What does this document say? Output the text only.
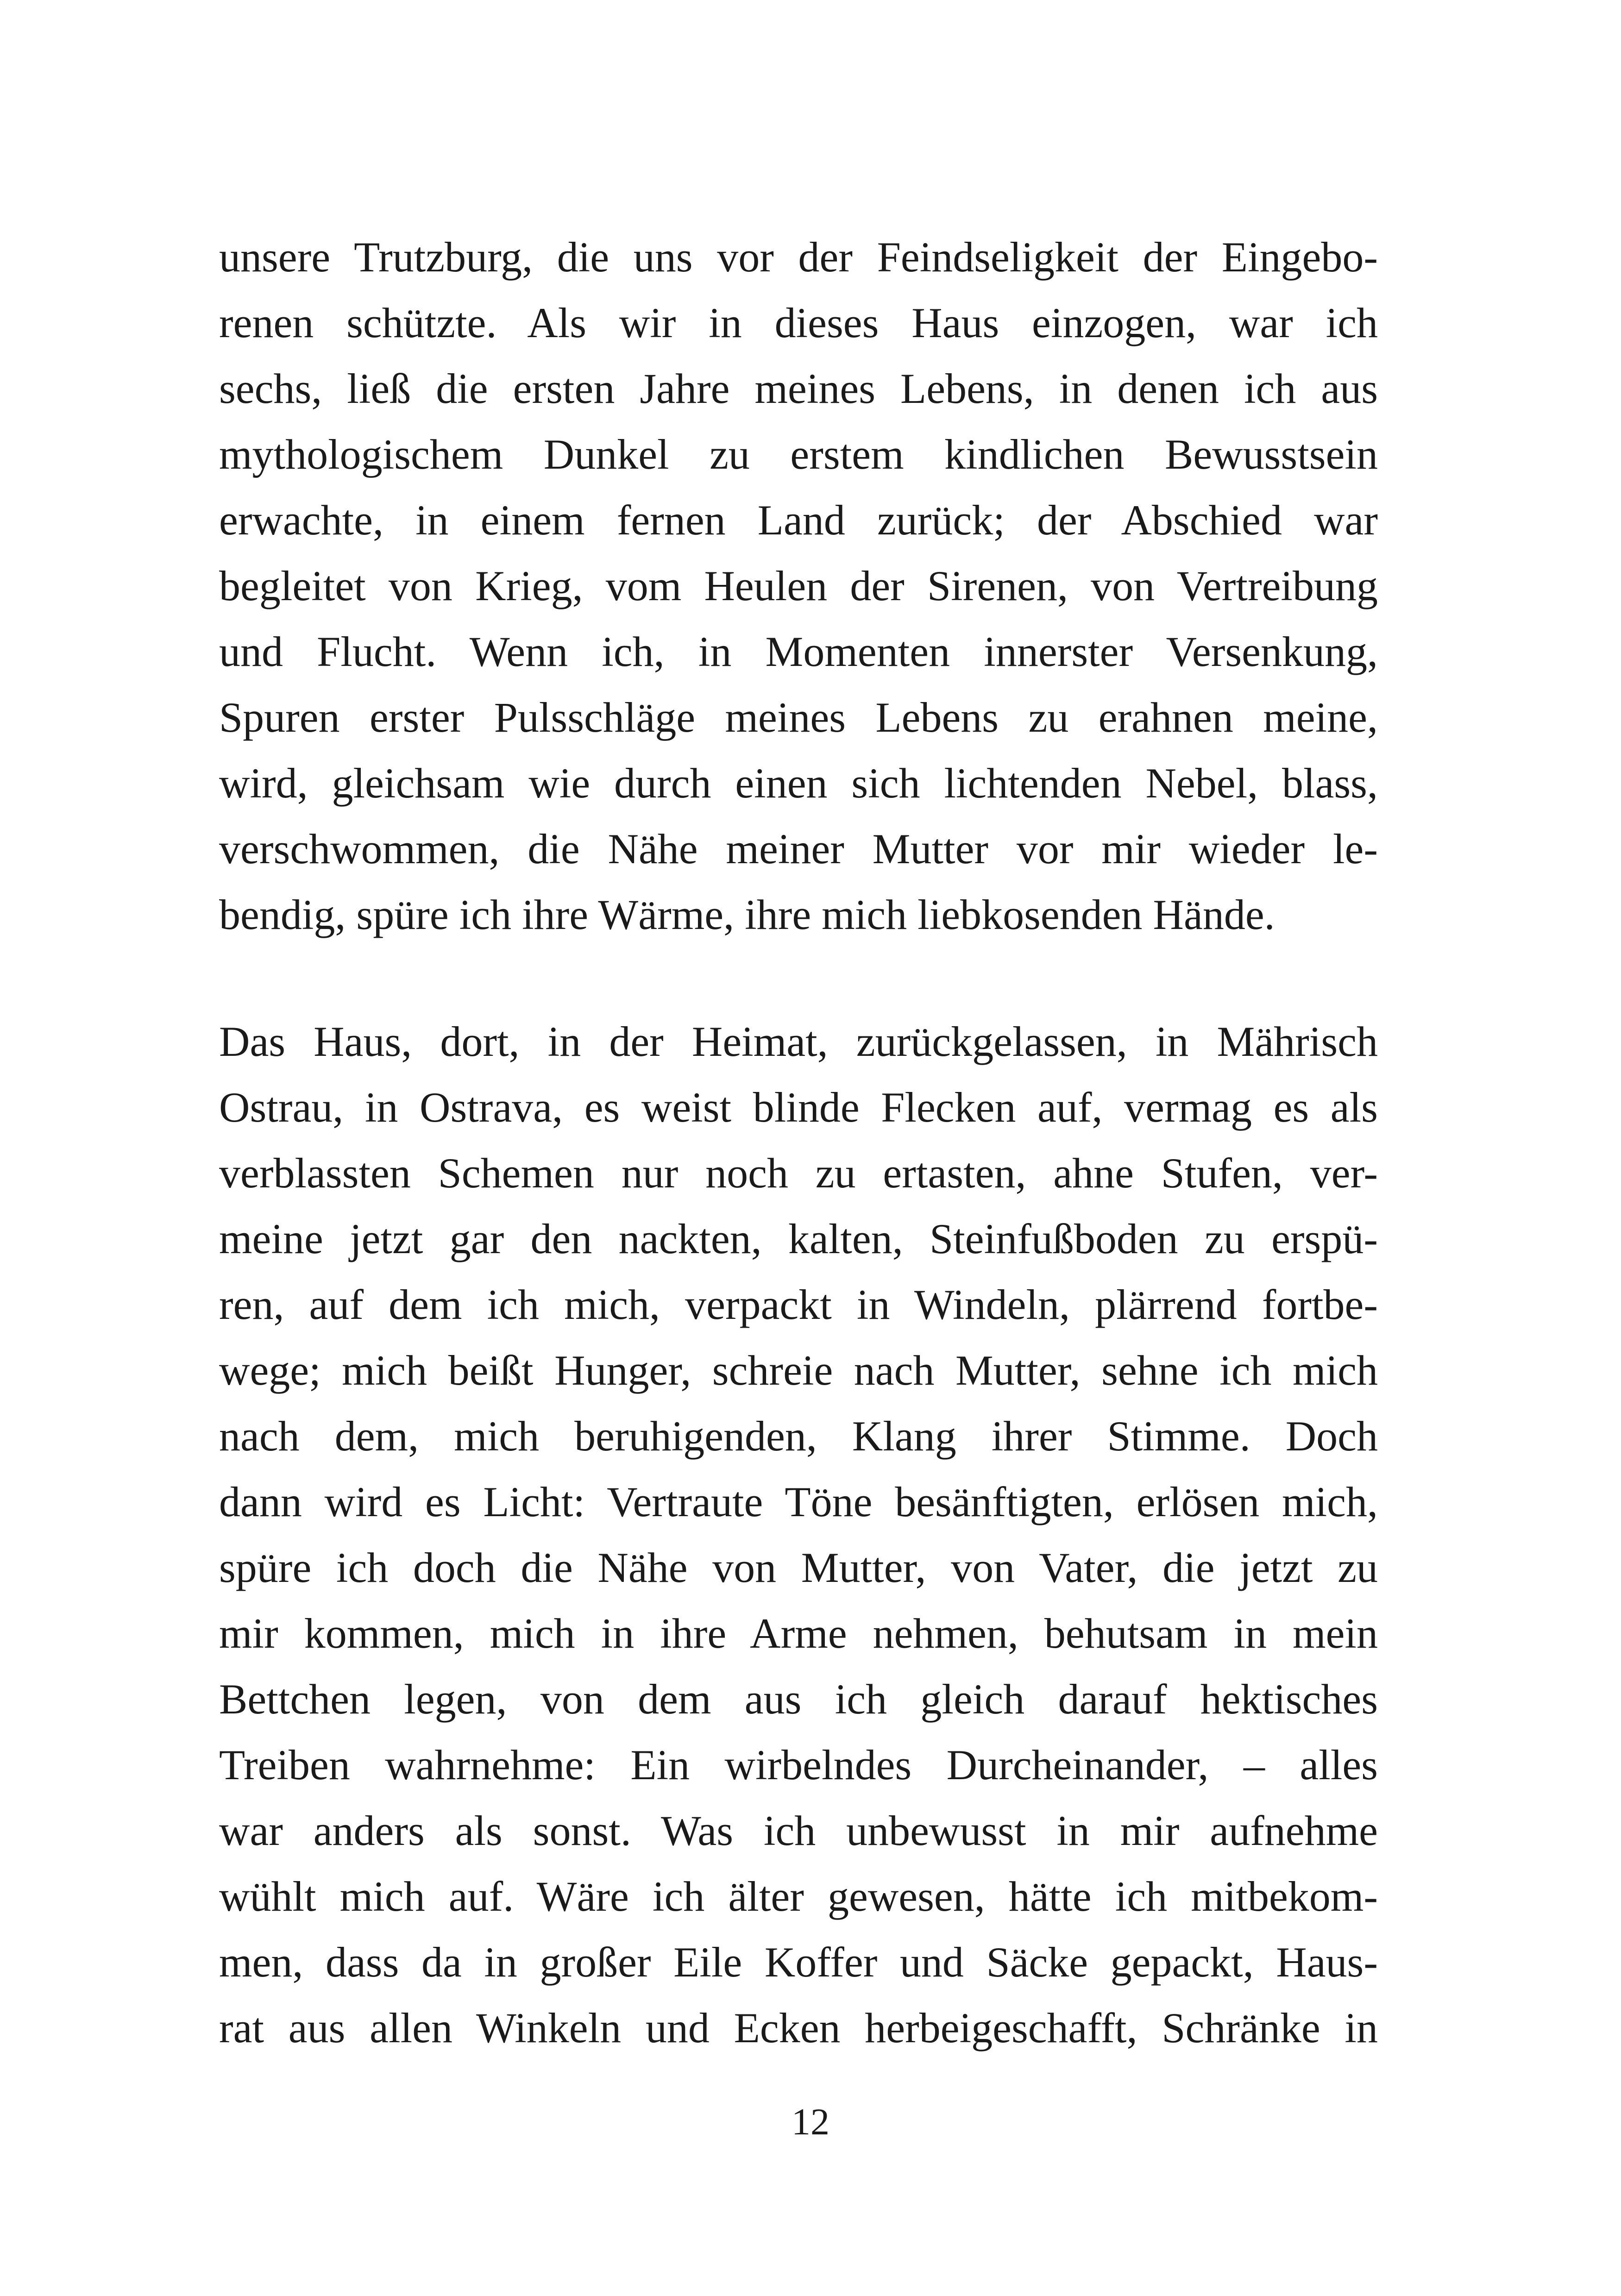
unsere Trutzburg, die uns vor der Feindseligkeit der Eingebo-
renen schützte. Als wir in dieses Haus einzogen, war ich
sechs, ließ die ersten Jahre meines Lebens, in denen ich aus
mythologischem Dunkel zu erstem kindlichen Bewusstsein
erwachte, in einem fernen Land zurück; der Abschied war
begleitet von Krieg, vom Heulen der Sirenen, von Vertreibung
und Flucht. Wenn ich, in Momenten innerster Versenkung,
Spuren erster Pulsschläge meines Lebens zu erahnen meine,
wird, gleichsam wie durch einen sich lichtenden Nebel, blass,
verschwommen, die Nähe meiner Mutter vor mir wieder le-
bendig, spüre ich ihre Wärme, ihre mich liebkosenden Hände.
Das Haus, dort, in der Heimat, zurückgelassen, in Mährisch
Ostrau, in Ostrava, es weist blinde Flecken auf, vermag es als
verblassten Schemen nur noch zu ertasten, ahne Stufen, ver-
meine jetzt gar den nackten, kalten, Steinfußboden zu erspü-
ren, auf dem ich mich, verpackt in Windeln, plärrend fortbe-
wege; mich beißt Hunger, schreie nach Mutter, sehne ich mich
nach dem, mich beruhigenden, Klang ihrer Stimme. Doch
dann wird es Licht: Vertraute Töne besänftigten, erlösen mich,
spüre ich doch die Nähe von Mutter, von Vater, die jetzt zu
mir kommen, mich in ihre Arme nehmen, behutsam in mein
Bettchen legen, von dem aus ich gleich darauf hektisches
Treiben wahrnehme: Ein wirbelndes Durcheinander, – alles
war anders als sonst. Was ich unbewusst in mir aufnehme
wühlt mich auf. Wäre ich älter gewesen, hätte ich mitbekom-
men, dass da in großer Eile Koffer und Säcke gepackt, Haus-
rat aus allen Winkeln und Ecken herbeigeschafft, Schränke in
12
